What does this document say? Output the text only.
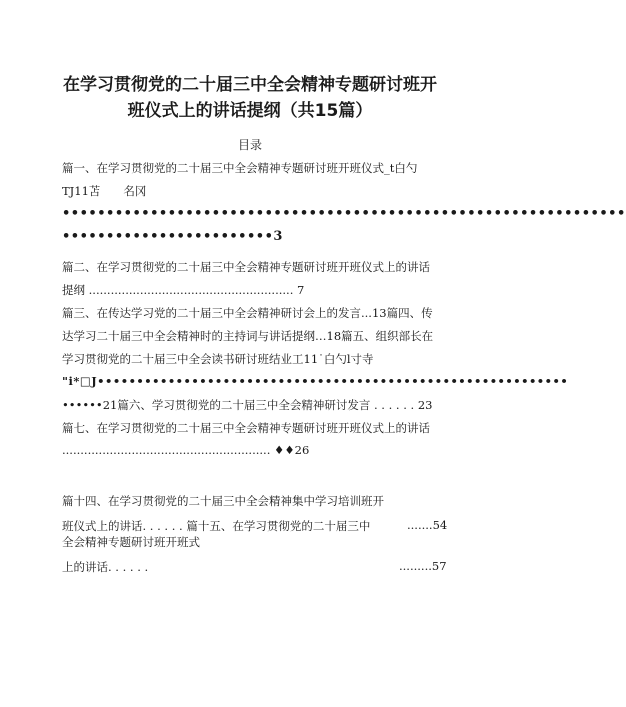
在学习贯彻党的二十届三中全会精神专题研讨班开
班仪式上的讲话提纲（共15篇）
目录
篇一、在学习贯彻党的二十届三中全会精神专题研讨班开班仪式_t白勺
TJ11苫　　名冈
••••••••••••••••••••••••••••••••••••••••••••••••••••••••••••••••
••••••••••••••••••••••••3
篇二、在学习贯彻党的二十届三中全会精神专题研讨班开班仪式上的讲话
提纲 ........................................................ 7
篇三、在传达学习党的二十届三中全会精神研讨会上的发言...13篇四、传
达学习二十届三中全会精神时的主持词与讲话提纲…18篇五、组织部长在
学习贯彻党的二十届三中全会读书研讨班结业工11˙白勺l寸寺
"i*□J••••••••••••••••••••••••••••••••••••••••••••••••••••••••••••
••••••21篇六、学习贯彻党的二十届三中全会精神研讨发言 . . . . . . 23
篇七、在学习贯彻党的二十届三中全会精神专题研讨班开班仪式上的讲话
......................................................... ♦♦26
篇十四、在学习贯彻党的二十届三中全会精神集中学习培训班开
班仪式上的讲话. . . . . . 篇十五、在学习贯彻党的二十届三中	.......54
全会精神专题研讨班开班式
上的讲话. . . . . .	.........57
